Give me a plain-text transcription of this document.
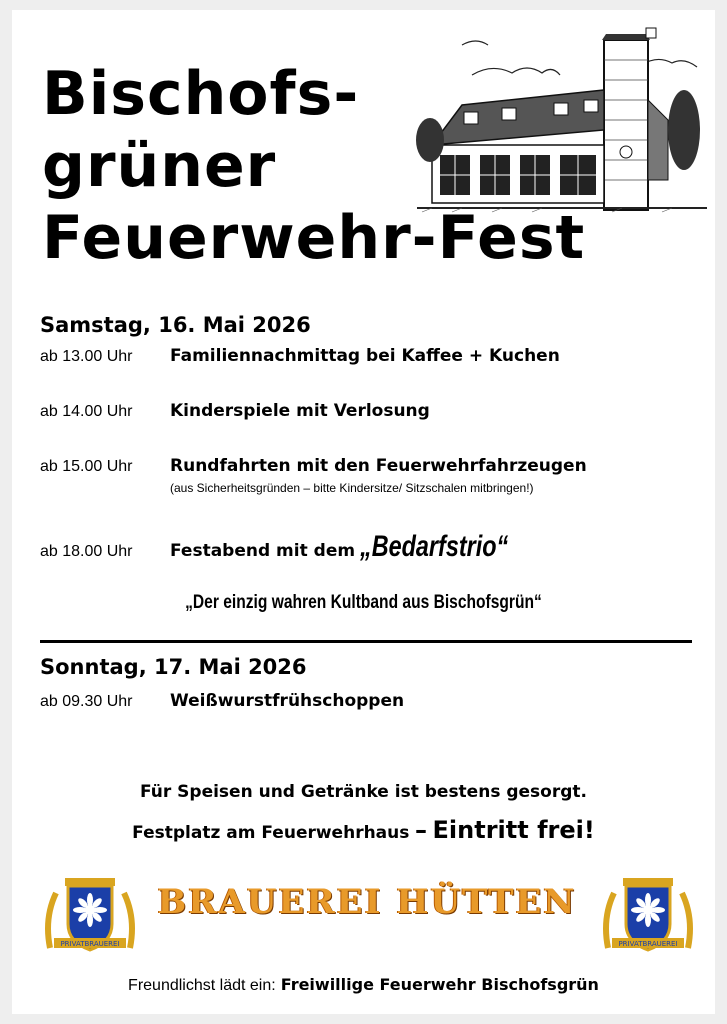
Bischofs-
grüner
Feuerwehr-Fest
Samstag, 16. Mai 2026
ab 13.00 Uhr Familiennachmittag bei Kaffee + Kuchen
ab 14.00 Uhr Kinderspiele mit Verlosung
ab 15.00 Uhr Rundfahrten mit den Feuerwehrfahrzeugen
(aus Sicherheitsgründen – bitte Kindersitze/ Sitzschalen mitbringen!)
ab 18.00 Uhr Festabend mit dem „Bedarfstrio“
„Der einzig wahren Kultband aus Bischofsgrün“
Sonntag, 17. Mai 2026
ab 09.30 Uhr Weißwurstfrühschoppen
Für Speisen und Getränke ist bestens gesorgt.
Festplatz am Feuerwehrhaus – Eintritt frei!
PRIVATBRAUEREI
BRAUEREI HÜTTEN
PRIVATBRAUEREI
Freundlichst lädt ein: Freiwillige Feuerwehr Bischofsgrün
